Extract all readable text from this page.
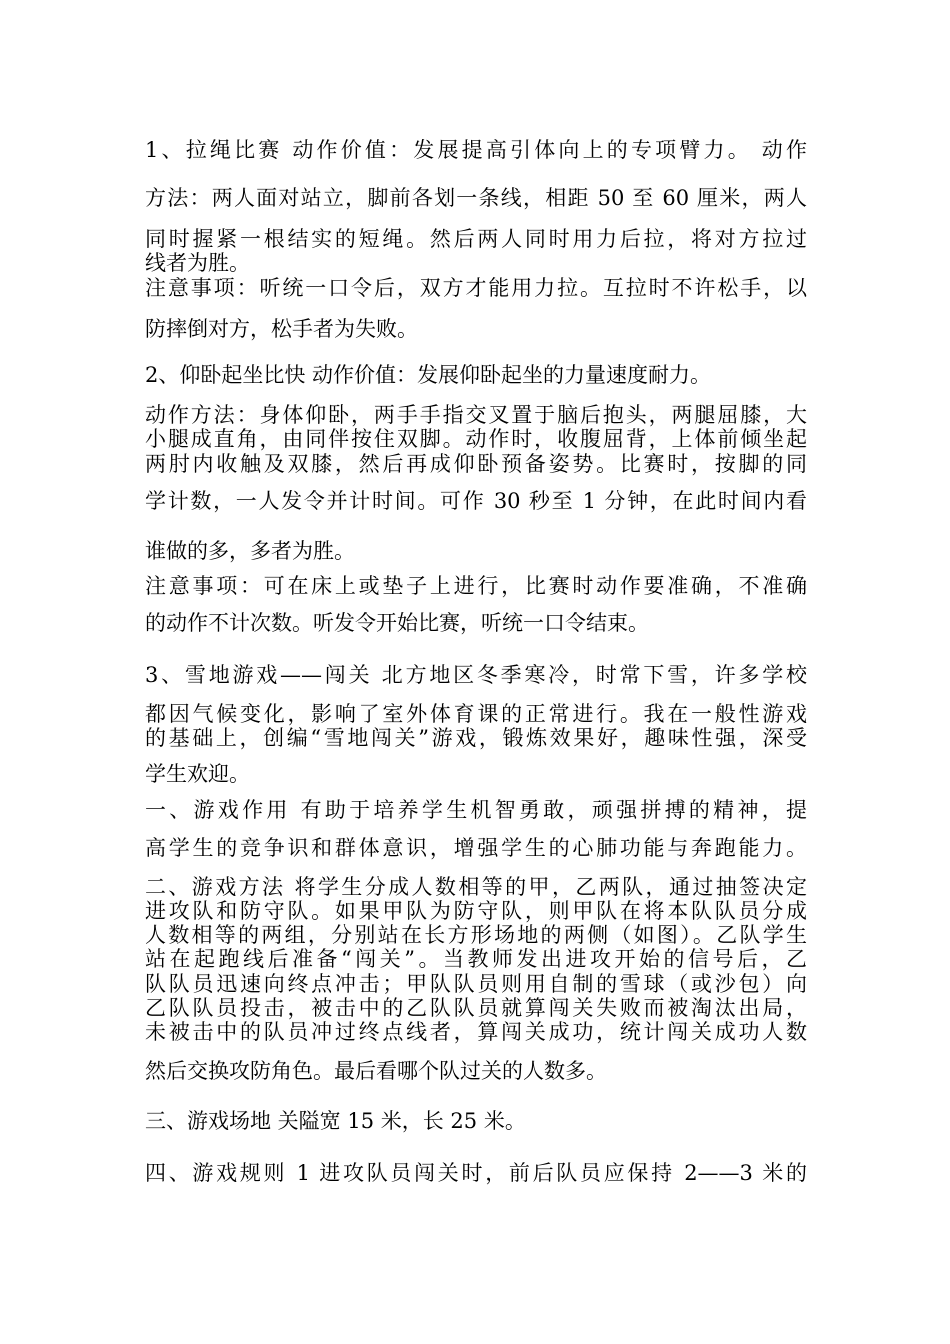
1、拉绳比赛 动作价值：发展提高引体向上的专项臂力。 动作
方法：两人面对站立，脚前各划一条线，相距 50 至 60 厘米，两人
同时握紧一根结实的短绳。然后两人同时用力后拉，将对方拉过
线者为胜。
注意事项：听统一口令后，双方才能用力拉。互拉时不许松手，以
防摔倒对方，松手者为失败。
2、仰卧起坐比快 动作价值：发展仰卧起坐的力量速度耐力。
动作方法：身体仰卧，两手手指交叉置于脑后抱头，两腿屈膝，大
小腿成直角，由同伴按住双脚。动作时，收腹屈背，上体前倾坐起
两肘内收触及双膝，然后再成仰卧预备姿势。比赛时，按脚的同
学计数，一人发令并计时间。可作 30 秒至 1 分钟，在此时间内看
谁做的多，多者为胜。
注意事项：可在床上或垫子上进行，比赛时动作要准确，不准确
的动作不计次数。听发令开始比赛，听统一口令结束。
3、雪地游戏——闯关 北方地区冬季寒冷，时常下雪，许多学校
都因气候变化，影响了室外体育课的正常进行。我在一般性游戏
的基础上，创编“雪地闯关”游戏，锻炼效果好，趣味性强，深受
学生欢迎。
一、游戏作用 有助于培养学生机智勇敢，顽强拼搏的精神，提
高学生的竞争识和群体意识，增强学生的心肺功能与奔跑能力。
二、游戏方法 将学生分成人数相等的甲，乙两队，通过抽签决定
进攻队和防守队。如果甲队为防守队，则甲队在将本队队员分成
人数相等的两组，分别站在长方形场地的两侧（如图）。乙队学生
站在起跑线后准备“闯关”。当教师发出进攻开始的信号后，乙
队队员迅速向终点冲击；甲队队员则用自制的雪球（或沙包）向
乙队队员投击，被击中的乙队队员就算闯关失败而被淘汰出局，
未被击中的队员冲过终点线者，算闯关成功，统计闯关成功人数
然后交换攻防角色。最后看哪个队过关的人数多。
三、游戏场地 关隘宽 15 米，长 25 米。
四、游戏规则 1 进攻队员闯关时，前后队员应保持 2——3 米的
